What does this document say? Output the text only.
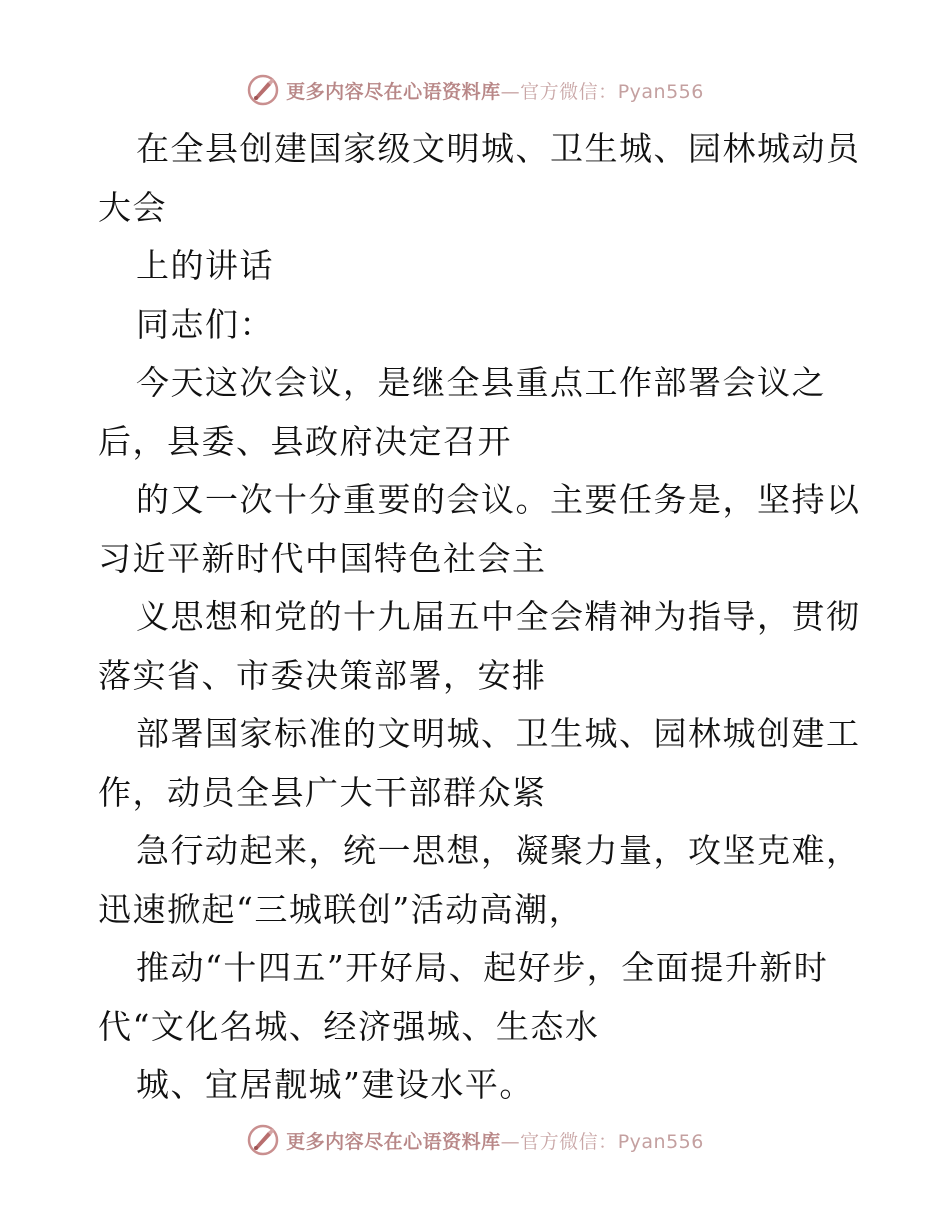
更多内容尽在心语资料库—官方微信：Pyan556
在全县创建国家级文明城、卫生城、园林城动员
大会
上的讲话
同志们：
今天这次会议，是继全县重点工作部署会议之
后，县委、县政府决定召开
的又一次十分重要的会议。主要任务是，坚持以
习近平新时代中国特色社会主
义思想和党的十九届五中全会精神为指导，贯彻
落实省、市委决策部署，安排
部署国家标准的文明城、卫生城、园林城创建工
作，动员全县广大干部群众紧
急行动起来，统一思想，凝聚力量，攻坚克难，
迅速掀起“三城联创”活动高潮，
推动“十四五”开好局、起好步，全面提升新时
代“文化名城、经济强城、生态水
城、宜居靓城”建设水平。
更多内容尽在心语资料库—官方微信：Pyan556
